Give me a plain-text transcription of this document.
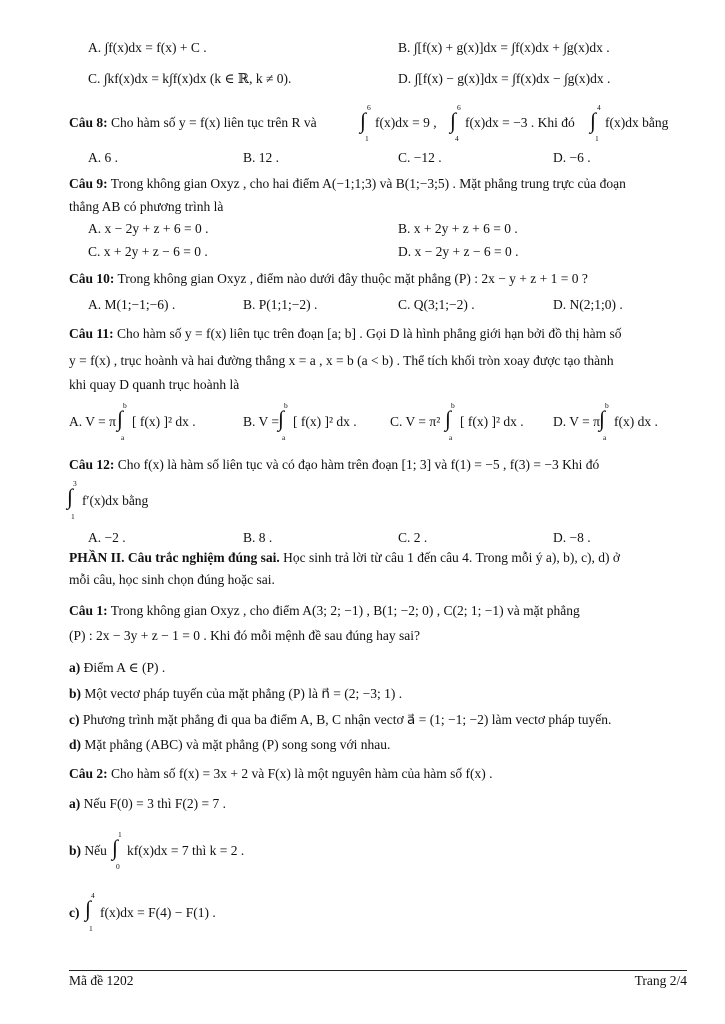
A. ∫f(x)dx = f(x) + C .	B. ∫[f(x) + g(x)]dx = ∫f(x)dx + ∫g(x)dx .
C. ∫kf(x)dx = k∫f(x)dx (k ∈ ℝ, k ≠ 0).	D. ∫[f(x) − g(x)]dx = ∫f(x)dx − ∫g(x)dx .
Câu 8: Cho hàm số y = f(x) liên tục trên R và
6
∫
1
f(x)dx = 9 ,
6
∫
4
f(x)dx = −3 . Khi đó
4
∫
1
f(x)dx bằng
A. 6 .	B. 12 .	C. −12 .	D. −6 .
Câu 9: Trong không gian Oxyz , cho hai điểm A(−1;1;3) và B(1;−3;5) . Mặt phẳng trung trực của đoạn
thẳng AB có phương trình là
A. x − 2y + z + 6 = 0 .	B. x + 2y + z + 6 = 0 .
C. x + 2y + z − 6 = 0 .	D. x − 2y + z − 6 = 0 .
Câu 10: Trong không gian Oxyz , điểm nào dưới đây thuộc mặt phẳng (P) : 2x − y + z + 1 = 0 ?
A. M(1;−1;−6) .	B. P(1;1;−2) .	C. Q(3;1;−2) .	D. N(2;1;0) .
Câu 11: Cho hàm số y = f(x) liên tục trên đoạn [a; b] . Gọi D là hình phẳng giới hạn bởi đồ thị hàm số
y = f(x) , trục hoành và hai đường thẳng x = a , x = b (a < b) . Thể tích khối tròn xoay được tạo thành
khi quay D quanh trục hoành là
A. V = π
b
∫
a
[ f(x) ]² dx .	B. V =
b
∫
a
[ f(x) ]² dx . C. V = π²
b
∫
a
[ f(x) ]² dx . D. V = π
b
∫
a
f(x) dx .
Câu 12: Cho f(x) là hàm số liên tục và có đạo hàm trên đoạn [1; 3] và f(1) = −5 , f(3) = −3 Khi đó
3
∫
1
f′(x)dx bằng
A. −2 .	B. 8 .	C. 2 .	D. −8 .
PHẦN II. Câu trắc nghiệm đúng sai. Học sinh trả lời từ câu 1 đến câu 4. Trong mỗi ý a), b), c), d) ở
mỗi câu, học sinh chọn đúng hoặc sai.
Câu 1: Trong không gian Oxyz , cho điểm A(3; 2; −1) , B(1; −2; 0) , C(2; 1; −1) và mặt phẳng
(P) : 2x − 3y + z − 1 = 0 . Khi đó mỗi mệnh đề sau đúng hay sai?
a) Điểm A ∈ (P) .
b) Một vectơ pháp tuyến của mặt phẳng (P) là n⃗ = (2; −3; 1) .
c) Phương trình mặt phẳng đi qua ba điểm A, B, C nhận vectơ a⃗ = (1; −1; −2) làm vectơ pháp tuyến.
d) Mặt phẳng (ABC) và mặt phẳng (P) song song với nhau.
Câu 2: Cho hàm số f(x) = 3x + 2 và F(x) là một nguyên hàm của hàm số f(x) .
a) Nếu F(0) = 3 thì F(2) = 7 .
b) Nếu
1
∫
0
kf(x)dx = 7 thì k = 2 .
c)
4
∫
1
f(x)dx = F(4) − F(1) .
Mã đề 1202	Trang 2/4
